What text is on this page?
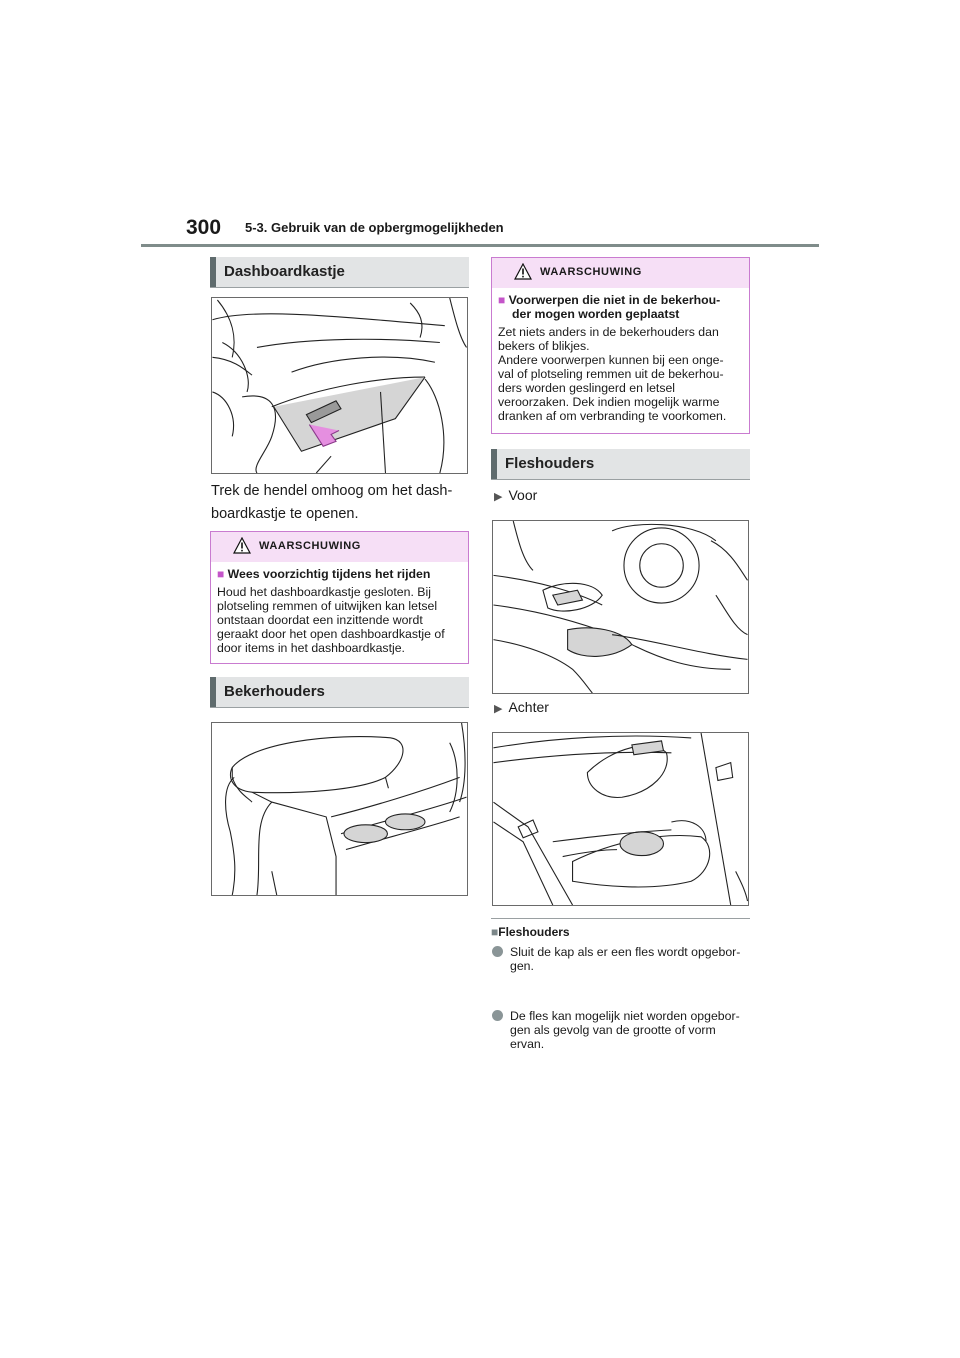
300 5-3. Gebruik van de opbergmogelijkheden
Dashboardkastje
Trek de hendel omhoog om het dash-
boardkastje te openen.
WAARSCHUWING
■ Wees voorzichtig tijdens het rijden
Houd het dashboardkastje gesloten. Bij
plotseling remmen of uitwijken kan letsel
ontstaan doordat een inzittende wordt
geraakt door het open dashboardkastje of
door items in het dashboardkastje.
Bekerhouders
WAARSCHUWING
■ Voorwerpen die niet in de bekerhou-
der mogen worden geplaatst
Zet niets anders in de bekerhouders dan
bekers of blikjes.
Andere voorwerpen kunnen bij een onge-
val of plotseling remmen uit de bekerhou-
ders worden geslingerd en letsel
veroorzaken. Dek indien mogelijk warme
dranken af om verbranding te voorkomen.
Fleshouders
▶ Voor
▶ Achter
■Fleshouders
Sluit de kap als er een fles wordt opgebor-
gen.
De fles kan mogelijk niet worden opgebor-
gen als gevolg van de grootte of vorm
ervan.
